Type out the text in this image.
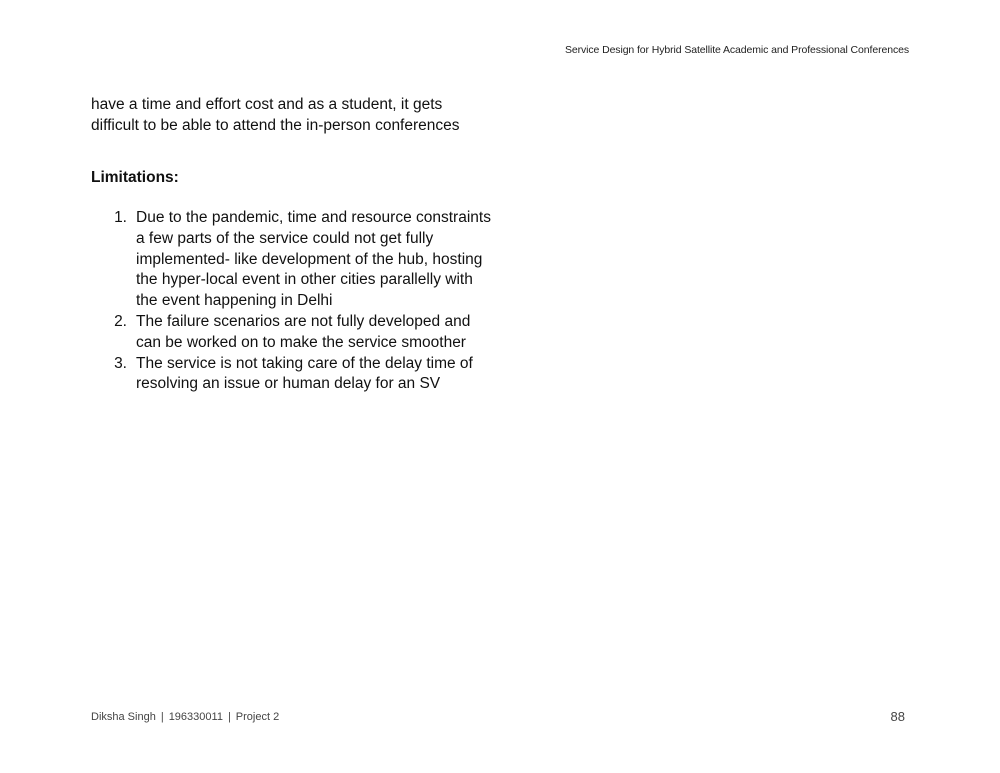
Service Design for Hybrid Satellite Academic and Professional Conferences

have a time and effort cost and as a student, it gets difficult to be able to attend the in-person conferences

Limitations:
1. Due to the pandemic, time and resource constraints a few parts of the service could not get fully implemented- like development of the hub, hosting the hyper-local event in other cities parallelly with the event happening in Delhi
2. The failure scenarios are not fully developed and can be worked on to make the service smoother
3. The service is not taking care of the delay time of resolving an issue or human delay for an SV
Diksha Singh | 196330011 | Project 2	88
